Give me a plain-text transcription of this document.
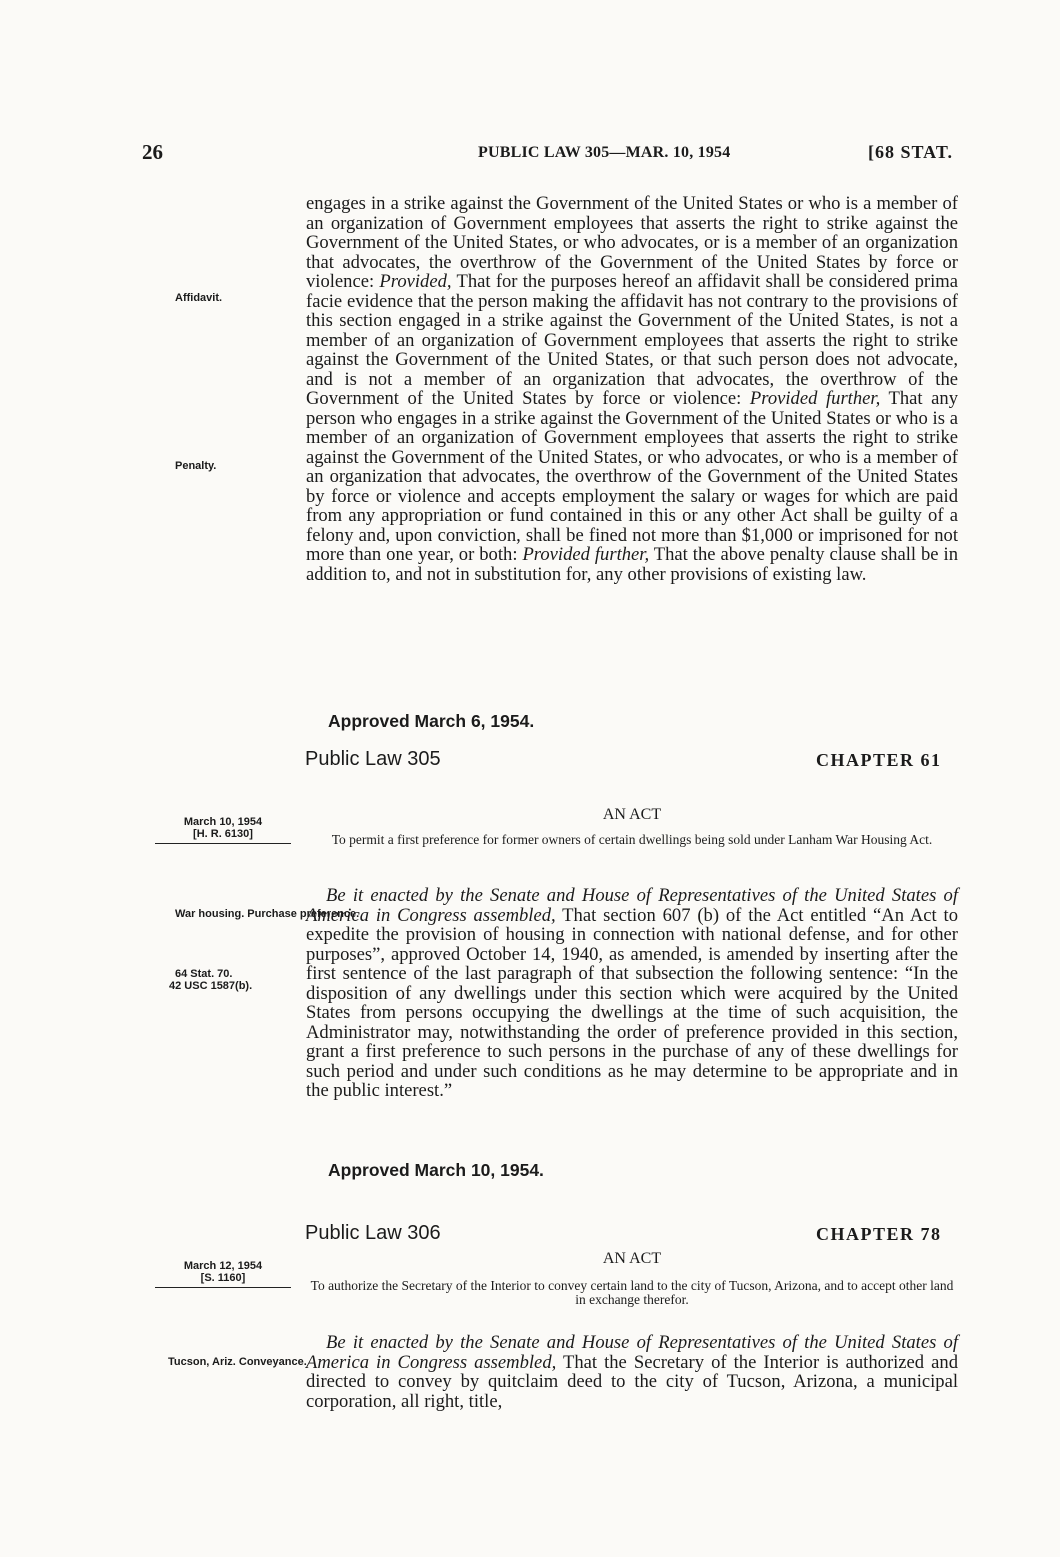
26	PUBLIC LAW 305—MAR. 10, 1954	[68 STAT.

Affidavit.
Penalty.

engages in a strike against the Government of the United States or who is a member of an organization of Government employees that asserts the right to strike against the Government of the United States, or who advocates, or is a member of an organization that advocates, the overthrow of the Government of the United States by force or violence: Provided, That for the purposes hereof an affidavit shall be considered prima facie evidence that the person making the affidavit has not contrary to the provisions of this section engaged in a strike against the Government of the United States, is not a member of an organization of Government employees that asserts the right to strike against the Government of the United States, or that such person does not advocate, and is not a member of an organization that advocates, the overthrow of the Government of the United States by force or violence: Provided further, That any person who engages in a strike against the Government of the United States or who is a member of an organization of Government employees that asserts the right to strike against the Government of the United States, or who advocates, or who is a member of an organization that advocates, the overthrow of the Government of the United States by force or violence and accepts employment the salary or wages for which are paid from any appropriation or fund contained in this or any other Act shall be guilty of a felony and, upon conviction, shall be fined not more than $1,000 or imprisoned for not more than one year, or both: Provided further, That the above penalty clause shall be in addition to, and not in substitution for, any other provisions of existing law.

Approved March 6, 1954.
Public Law 305	CHAPTER 61
March 10, 1954
[H. R. 6130]
AN ACT
To permit a first preference for former owners of certain dwellings being sold under Lanham War Housing Act.
War housing. Purchase preference.
64 Stat. 70.
42 USC 1587(b).

Be it enacted by the Senate and House of Representatives of the United States of America in Congress assembled, That section 607 (b) of the Act entitled “An Act to expedite the provision of housing in connection with national defense, and for other purposes”, approved October 14, 1940, as amended, is amended by inserting after the first sentence of the last paragraph of that subsection the following sentence: “In the disposition of any dwellings under this section which were acquired by the United States from persons occupying the dwellings at the time of such acquisition, the Administrator may, notwithstanding the order of preference provided in this section, grant a first preference to such persons in the purchase of any of these dwellings for such period and under such conditions as he may determine to be appropriate and in the public interest.”

Approved March 10, 1954.
Public Law 306	CHAPTER 78
March 12, 1954
[S. 1160]
AN ACT
To authorize the Secretary of the Interior to convey certain land to the city of Tucson, Arizona, and to accept other land in exchange therefor.
Tucson, Ariz. Conveyance.

Be it enacted by the Senate and House of Representatives of the United States of America in Congress assembled, That the Secretary of the Interior is authorized and directed to convey by quitclaim deed to the city of Tucson, Arizona, a municipal corporation, all right, title,
